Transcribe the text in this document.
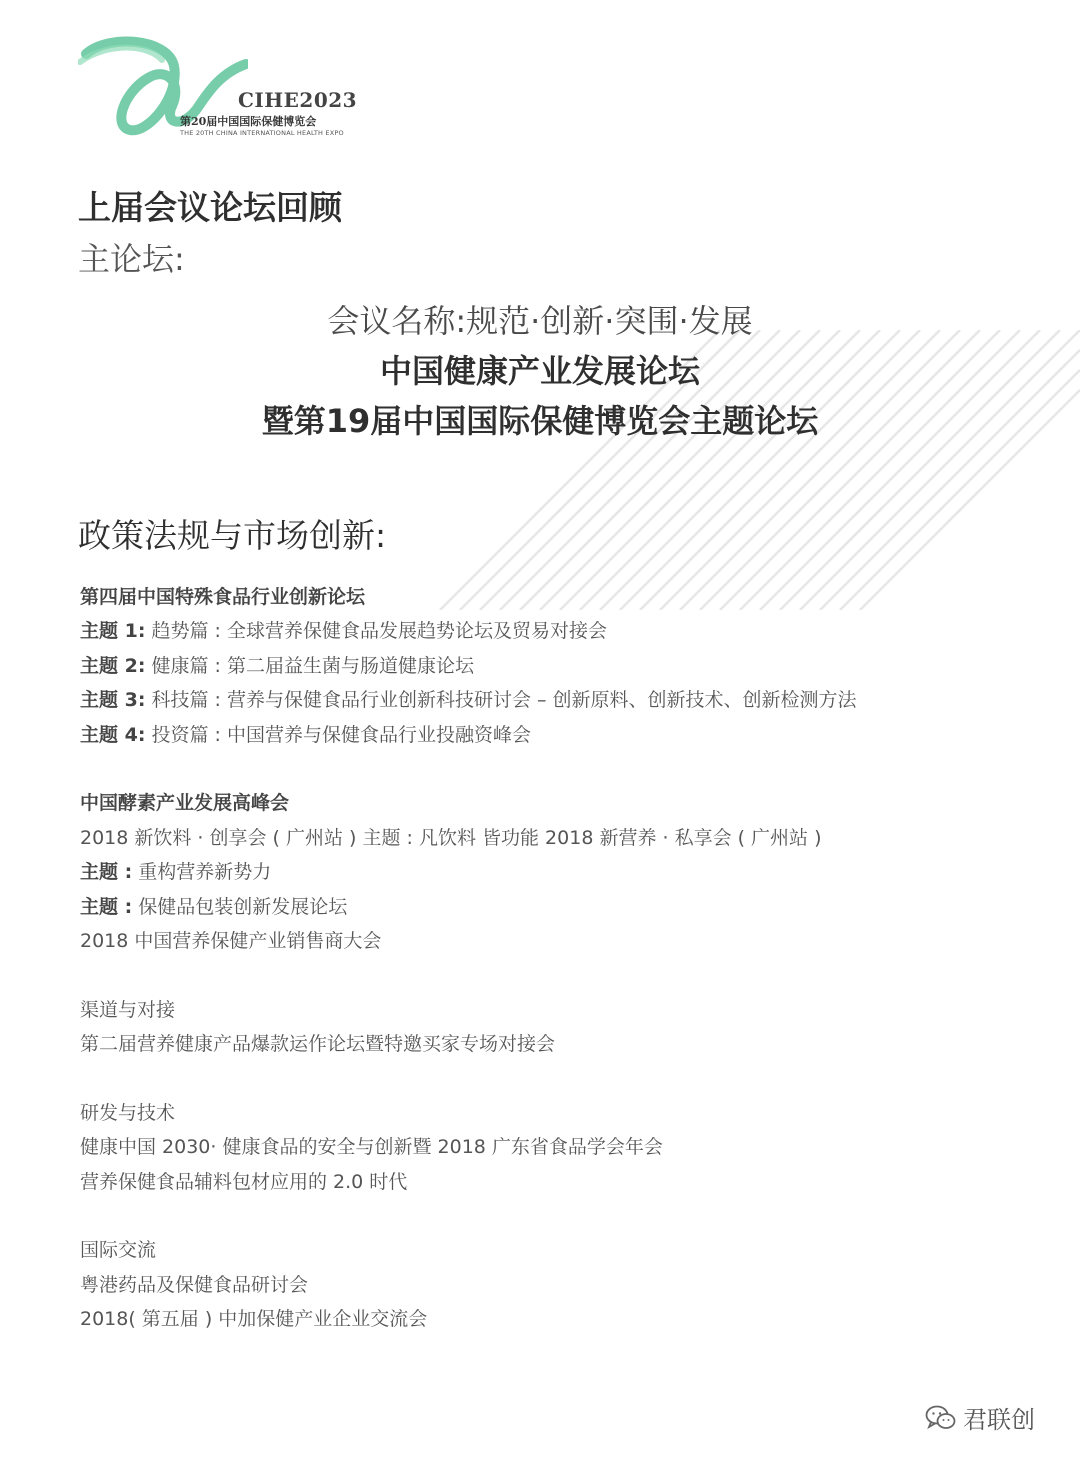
CIHE2023
第20届中国国际保健博览会
THE 20TH CHINA INTERNATIONAL HEALTH EXPO
上届会议论坛回顾
主论坛:
会议名称:规范·创新·突围·发展
中国健康产业发展论坛
暨第19届中国国际保健博览会主题论坛
政策法规与市场创新:
第四届中国特殊食品行业创新论坛
主题 1: 趋势篇 : 全球营养保健食品发展趋势论坛及贸易对接会
主题 2: 健康篇 : 第二届益生菌与肠道健康论坛
主题 3: 科技篇 : 营养与保健食品行业创新科技研讨会 – 创新原料、创新技术、创新检测方法
主题 4: 投资篇 : 中国营养与保健食品行业投融资峰会
中国酵素产业发展高峰会
2018 新饮料 · 创享会 ( 广州站 ) 主题 : 凡饮料 皆功能 2018 新营养 · 私享会 ( 广州站 )
主题 : 重构营养新势力
主题 : 保健品包装创新发展论坛
2018 中国营养保健产业销售商大会
渠道与对接
第二届营养健康产品爆款运作论坛暨特邀买家专场对接会
研发与技术
健康中国 2030· 健康食品的安全与创新暨 2018 广东省食品学会年会
营养保健食品辅料包材应用的 2.0 时代
国际交流
粤港药品及保健食品研讨会
2018( 第五届 ) 中加保健产业企业交流会
君联创
